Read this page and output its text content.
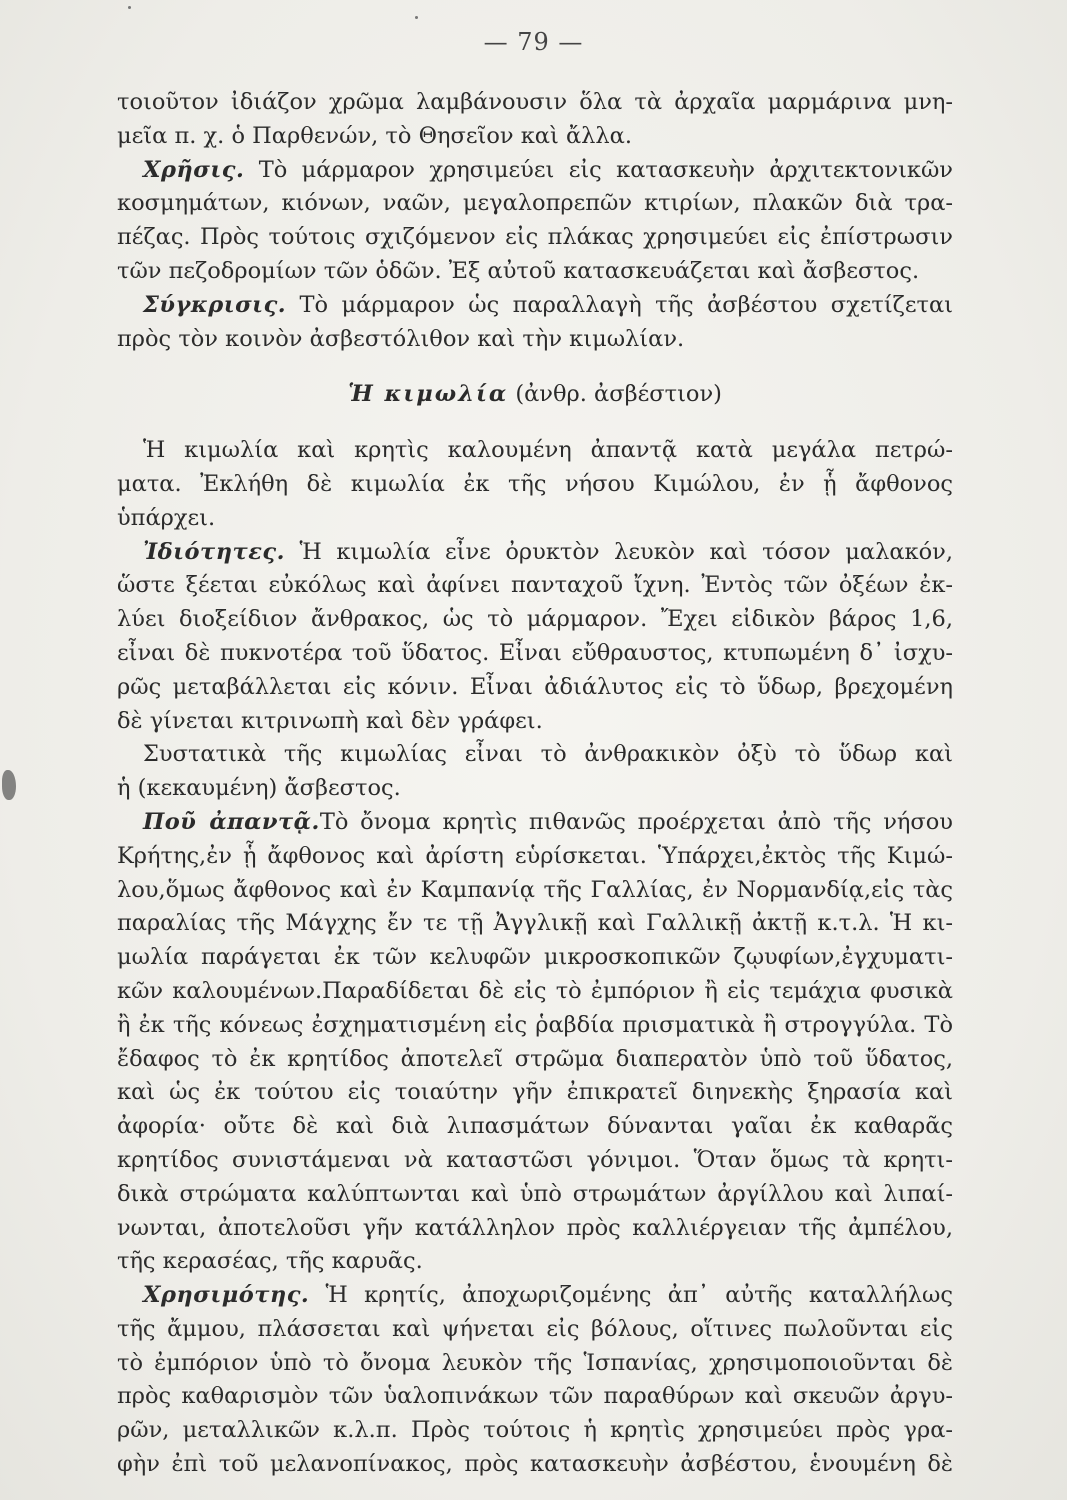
— 79 —
τοιοῦτον ἰδιάζον χρῶμα λαμβάνουσιν ὅλα τὰ ἀρχαῖα μαρμάρινα μνη-
μεῖα π. χ. ὁ Παρθενών, τὸ Θησεῖον καὶ ἄλλα.
Χρῆσις. Τὸ μάρμαρον χρησιμεύει εἰς κατασκευὴν ἀρχιτεκτονικῶν
κοσμημάτων, κιόνων, ναῶν, μεγαλοπρεπῶν κτιρίων, πλακῶν διὰ τρα-
πέζας. Πρὸς τούτοις σχιζόμενον εἰς πλάκας χρησιμεύει εἰς ἐπίστρωσιν
τῶν πεζοδρομίων τῶν ὁδῶν. Ἐξ αὐτοῦ κατασκευάζεται καὶ ἄσβεστος.
Σύγκρισις. Τὸ μάρμαρον ὡς παραλλαγὴ τῆς ἀσβέστου σχετίζεται
πρὸς τὸν κοινὸν ἀσβεστόλιθον καὶ τὴν κιμωλίαν.
Ἡ κιμωλία (ἀνθρ. ἀσβέστιον)
Ἡ κιμωλία καὶ κρητὶς καλουμένη ἀπαντᾷ κατὰ μεγάλα πετρώ-
ματα. Ἐκλήθη δὲ κιμωλία ἐκ τῆς νήσου Κιμώλου, ἐν ᾗ ἄφθονος
ὑπάρχει.
Ἰδιότητες. Ἡ κιμωλία εἶνε ὀρυκτὸν λευκὸν καὶ τόσον μαλακόν,
ὥστε ξέεται εὐκόλως καὶ ἀφίνει πανταχοῦ ἴχνη. Ἐντὸς τῶν ὀξέων ἐκ-
λύει διοξείδιον ἄνθρακος, ὡς τὸ μάρμαρον. Ἔχει εἰδικὸν βάρος 1,6,
εἶναι δὲ πυκνοτέρα τοῦ ὕδατος. Εἶναι εὔθραυστος, κτυπωμένη δ᾽ ἰσχυ-
ρῶς μεταβάλλεται εἰς κόνιν. Εἶναι ἀδιάλυτος εἰς τὸ ὕδωρ, βρεχομένη
δὲ γίνεται κιτρινωπὴ καὶ δὲν γράφει.
Συστατικὰ τῆς κιμωλίας εἶναι τὸ ἀνθρακικὸν ὀξὺ τὸ ὕδωρ καὶ
ἡ (κεκαυμένη) ἄσβεστος.
Ποῦ ἀπαντᾷ.Τὸ ὄνομα κρητὶς πιθανῶς προέρχεται ἀπὸ τῆς νήσου
Κρήτης,ἐν ᾗ ἄφθονος καὶ ἀρίστη εὑρίσκεται. Ὑπάρχει,ἐκτὸς τῆς Κιμώ-
λου,ὅμως ἄφθονος καὶ ἐν Καμπανίᾳ τῆς Γαλλίας, ἐν Νορμανδίᾳ,εἰς τὰς
παραλίας τῆς Μάγχης ἔν τε τῇ Ἀγγλικῇ καὶ Γαλλικῇ ἀκτῇ κ.τ.λ. Ἡ κι-
μωλία παράγεται ἐκ τῶν κελυφῶν μικροσκοπικῶν ζῳυφίων,ἐγχυματι-
κῶν καλουμένων.Παραδίδεται δὲ εἰς τὸ ἐμπόριον ἢ εἰς τεμάχια φυσικὰ
ἢ ἐκ τῆς κόνεως ἐσχηματισμένη εἰς ῥαβδία πρισματικὰ ἢ στρογγύλα. Τὸ
ἔδαφος τὸ ἐκ κρητίδος ἀποτελεῖ στρῶμα διαπερατὸν ὑπὸ τοῦ ὕδατος,
καὶ ὡς ἐκ τούτου εἰς τοιαύτην γῆν ἐπικρατεῖ διηνεκὴς ξηρασία καὶ
ἀφορία· οὔτε δὲ καὶ διὰ λιπασμάτων δύνανται γαῖαι ἐκ καθαρᾶς
κρητίδος συνιστάμεναι νὰ καταστῶσι γόνιμοι. Ὅταν ὅμως τὰ κρητι-
δικὰ στρώματα καλύπτωνται καὶ ὑπὸ στρωμάτων ἀργίλλου καὶ λιπαί-
νωνται, ἀποτελοῦσι γῆν κατάλληλον πρὸς καλλιέργειαν τῆς ἀμπέλου,
τῆς κερασέας, τῆς καρυᾶς.
Χρησιμότης. Ἡ κρητίς, ἀποχωριζομένης ἀπ᾽ αὐτῆς καταλλήλως
τῆς ἄμμου, πλάσσεται καὶ ψήνεται εἰς βόλους, οἵτινες πωλοῦνται εἰς
τὸ ἐμπόριον ὑπὸ τὸ ὄνομα λευκὸν τῆς Ἱσπανίας, χρησιμοποιοῦνται δὲ
πρὸς καθαρισμὸν τῶν ὑαλοπινάκων τῶν παραθύρων καὶ σκευῶν ἀργυ-
ρῶν, μεταλλικῶν κ.λ.π. Πρὸς τούτοις ἡ κρητὶς χρησιμεύει πρὸς γρα-
φὴν ἐπὶ τοῦ μελανοπίνακος, πρὸς κατασκευὴν ἀσβέστου, ἑνουμένη δὲ
